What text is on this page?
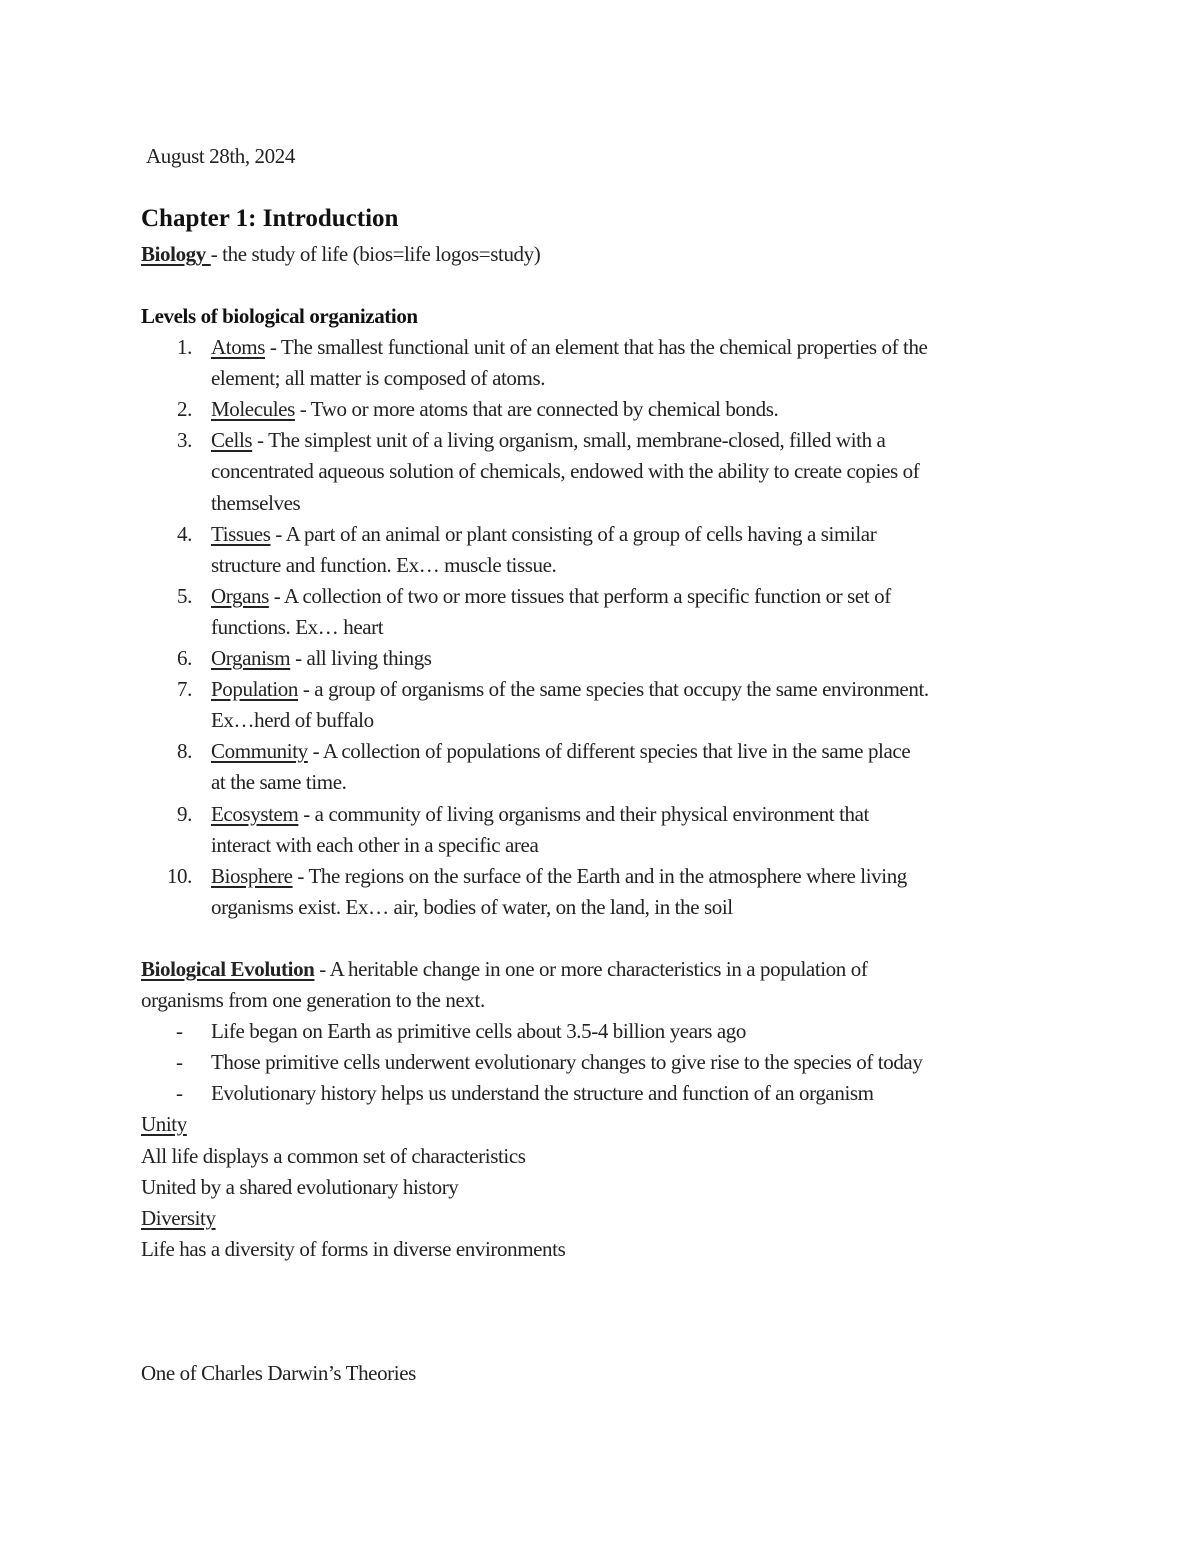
August 28th, 2024
Chapter 1: Introduction
Biology - the study of life (bios=life logos=study)
Levels of biological organization
1. Atoms - The smallest functional unit of an element that has the chemical properties of the
element; all matter is composed of atoms.
2. Molecules - Two or more atoms that are connected by chemical bonds.
3. Cells - The simplest unit of a living organism, small, membrane-closed, filled with a
concentrated aqueous solution of chemicals, endowed with the ability to create copies of
themselves
4. Tissues - A part of an animal or plant consisting of a group of cells having a similar
structure and function. Ex… muscle tissue.
5. Organs - A collection of two or more tissues that perform a specific function or set of
functions. Ex… heart
6. Organism - all living things
7. Population - a group of organisms of the same species that occupy the same environment.
Ex…herd of buffalo
8. Community - A collection of populations of different species that live in the same place
at the same time.
9. Ecosystem - a community of living organisms and their physical environment that
interact with each other in a specific area
10. Biosphere - The regions on the surface of the Earth and in the atmosphere where living
organisms exist. Ex… air, bodies of water, on the land, in the soil
Biological Evolution - A heritable change in one or more characteristics in a population of
organisms from one generation to the next.
- Life began on Earth as primitive cells about 3.5-4 billion years ago
- Those primitive cells underwent evolutionary changes to give rise to the species of today
- Evolutionary history helps us understand the structure and function of an organism
Unity
All life displays a common set of characteristics
United by a shared evolutionary history
Diversity
Life has a diversity of forms in diverse environments
One of Charles Darwin’s Theories
